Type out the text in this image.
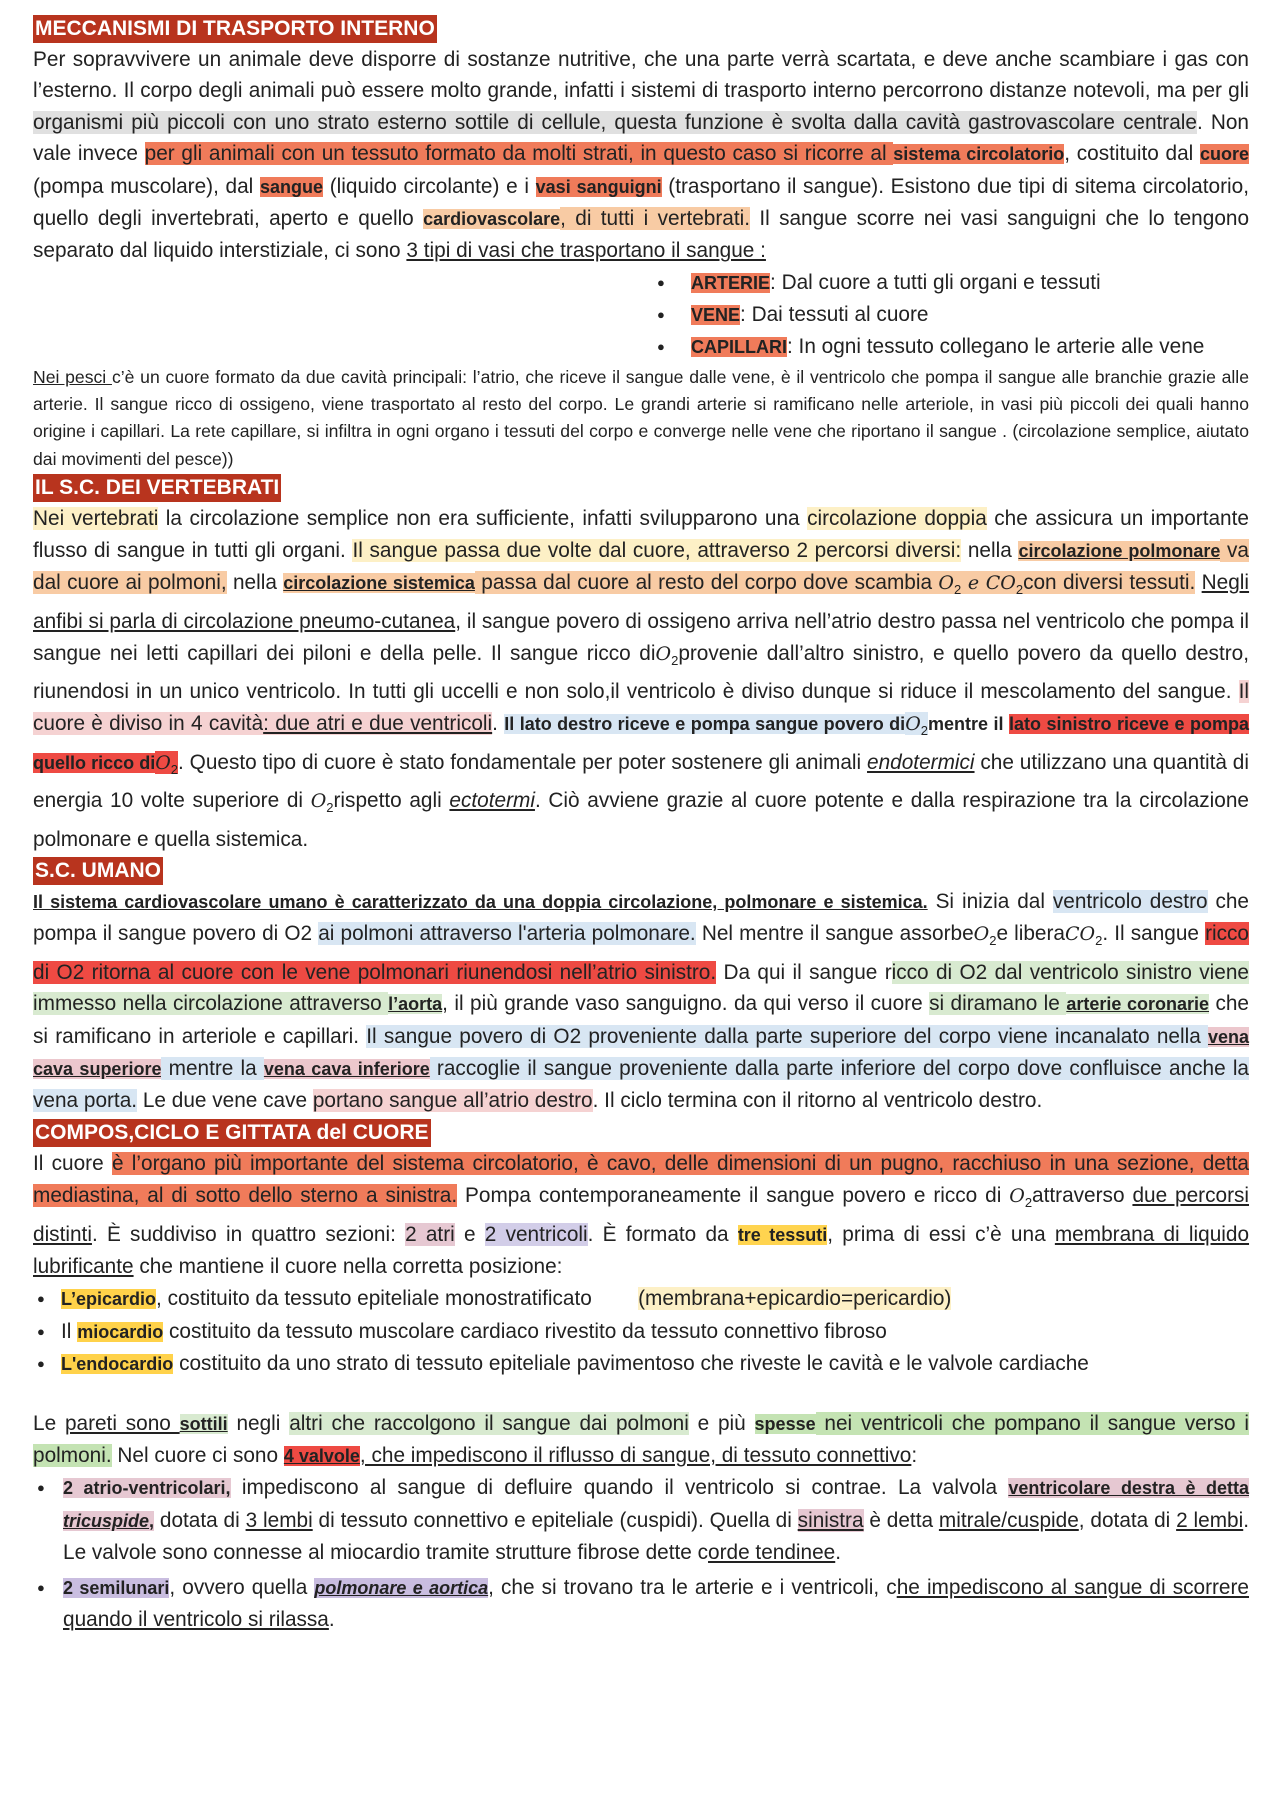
MECCANISMI DI TRASPORTO INTERNO

Per sopravvivere un animale deve disporre di sostanze nutritive, che una parte verrà scartata, e deve anche scambiare i gas con l’esterno. Il corpo degli animali può essere molto grande, infatti i sistemi di trasporto interno percorrono distanze notevoli, ma per gli organismi più piccoli con uno strato esterno sottile di cellule, questa funzione è svolta dalla cavità gastrovascolare centrale. Non vale invece per gli animali con un tessuto formato da molti strati, in questo caso si ricorre al sistema circolatorio, costituito dal cuore (pompa muscolare), dal sangue (liquido circolante) e i vasi sanguigni (trasportano il sangue). Esistono due tipi di sitema circolatorio, quello degli invertebrati, aperto e quello cardiovascolare, di tutti i vertebrati. Il sangue scorre nei vasi sanguigni che lo tengono separato dal liquido interstiziale, ci sono 3 tipi di vasi che trasportano il sangue :

● ARTERIE: Dal cuore a tutti gli organi e tessuti
● VENE: Dai tessuti al cuore
● CAPILLARI: In ogni tessuto collegano le arterie alle vene

Nei pesci c’è un cuore formato da due cavità principali: l’atrio, che riceve il sangue dalle vene, è il ventricolo che pompa il sangue alle branchie grazie alle arterie. Il sangue ricco di ossigeno, viene trasportato al resto del corpo. Le grandi arterie si ramificano nelle arteriole, in vasi più piccoli dei quali hanno origine i capillari. La rete capillare, si infiltra in ogni organo i tessuti del corpo e converge nelle vene che riportano il sangue . (circolazione semplice, aiutato dai movimenti del pesce))

IL S.C. DEI VERTEBRATI

Nei vertebrati la circolazione semplice non era sufficiente, infatti svilupparono una circolazione doppia che assicura un importante flusso di sangue in tutti gli organi. Il sangue passa due volte dal cuore, attraverso 2 percorsi diversi: nella circolazione polmonare va dal cuore ai polmoni, nella circolazione sistemica passa dal cuore al resto del corpo dove scambia $O_2$ e $CO_2con$ diversi tessuti. Negli anfibi si parla di circolazione pneumo-cutanea, il sangue povero di ossigeno arriva nell’atrio destro passa nel ventricolo che pompa il sangue nei letti capillari dei piloni e della pelle. Il sangue ricco diO$_2$provenie dall’altro sinistro, e quello povero da quello destro, riunendosi in un unico ventricolo. In tutti gli uccelli e non solo,il ventricolo è diviso dunque si riduce il mescolamento del sangue. Il cuore è diviso in 4 cavità: due atri e due ventricoli. Il lato destro riceve e pompa sangue povero diO$_2$mentre il lato sinistro riceve e pompa quello ricco diO$_2$. Questo tipo di cuore è stato fondamentale per poter sostenere gli animali endotermici che utilizzano una quantità di energia 10 volte superiore di $O_2rispetto$ agli ectotermi. Ciò avviene grazie al cuore potente e dalla respirazione tra la circolazione polmonare e quella sistemica.

S.C. UMANO

Il sistema cardiovascolare umano è caratterizzato da una doppia circolazione, polmonare e sistemica. Si inizia dal ventricolo destro che pompa il sangue povero di O2 ai polmoni attraverso l'arteria polmonare. Nel mentre il sangue assorbeO$_2$e liberaCO$_2$. Il sangue ricco di O2 ritorna al cuore con le vene polmonari riunendosi nell’atrio sinistro. Da qui il sangue ricco di O2 dal ventricolo sinistro viene immesso nella circolazione attraverso l’aorta, il più grande vaso sanguigno. da qui verso il cuore si diramano le arterie coronarie che si ramificano in arteriole e capillari. Il sangue povero di O2 proveniente dalla parte superiore del corpo viene incanalato nella vena cava superiore mentre la vena cava inferiore raccoglie il sangue proveniente dalla parte inferiore del corpo dove confluisce anche la vena porta. Le due vene cave portano sangue all’atrio destro. Il ciclo termina con il ritorno al ventricolo destro.

COMPOS,CICLO E GITTATA del CUORE

Il cuore è l’organo più importante del sistema circolatorio, è cavo, delle dimensioni di un pugno, racchiuso in una sezione, detta mediastina, al di sotto dello sterno a sinistra. Pompa contemporaneamente il sangue povero e ricco di $O_2attraverso$ due percorsi distinti. È suddiviso in quattro sezioni: 2 atri e 2 ventricoli. È formato da tre tessuti, prima di essi c’è una membrana di liquido lubrificante che mantiene il cuore nella corretta posizione:

● L’epicardio, costituito da tessuto epiteliale monostratificato        (membrana+epicardio=pericardio)
● Il miocardio costituito da tessuto muscolare cardiaco rivestito da tessuto connettivo fibroso
● L'endocardio costituito da uno strato di tessuto epiteliale pavimentoso che riveste le cavità e le valvole cardiache

Le pareti sono sottili negli altri che raccolgono il sangue dai polmoni e più spesse nei ventricoli che pompano il sangue verso i polmoni. Nel cuore ci sono 4 valvole, che impediscono il riflusso di sangue, di tessuto connettivo:

● 2 atrio-ventricolari, impediscono al sangue di defluire quando il ventricolo si contrae. La valvola ventricolare destra è detta tricuspide, dotata di 3 lembi di tessuto connettivo e epiteliale (cuspidi). Quella di sinistra è detta mitrale/cuspide, dotata di 2 lembi. Le valvole sono connesse al miocardio tramite strutture fibrose dette corde tendinee.
● 2 semilunari, ovvero quella polmonare e aortica, che si trovano tra le arterie e i ventricoli, che impediscono al sangue di scorrere quando il ventricolo si rilassa.
